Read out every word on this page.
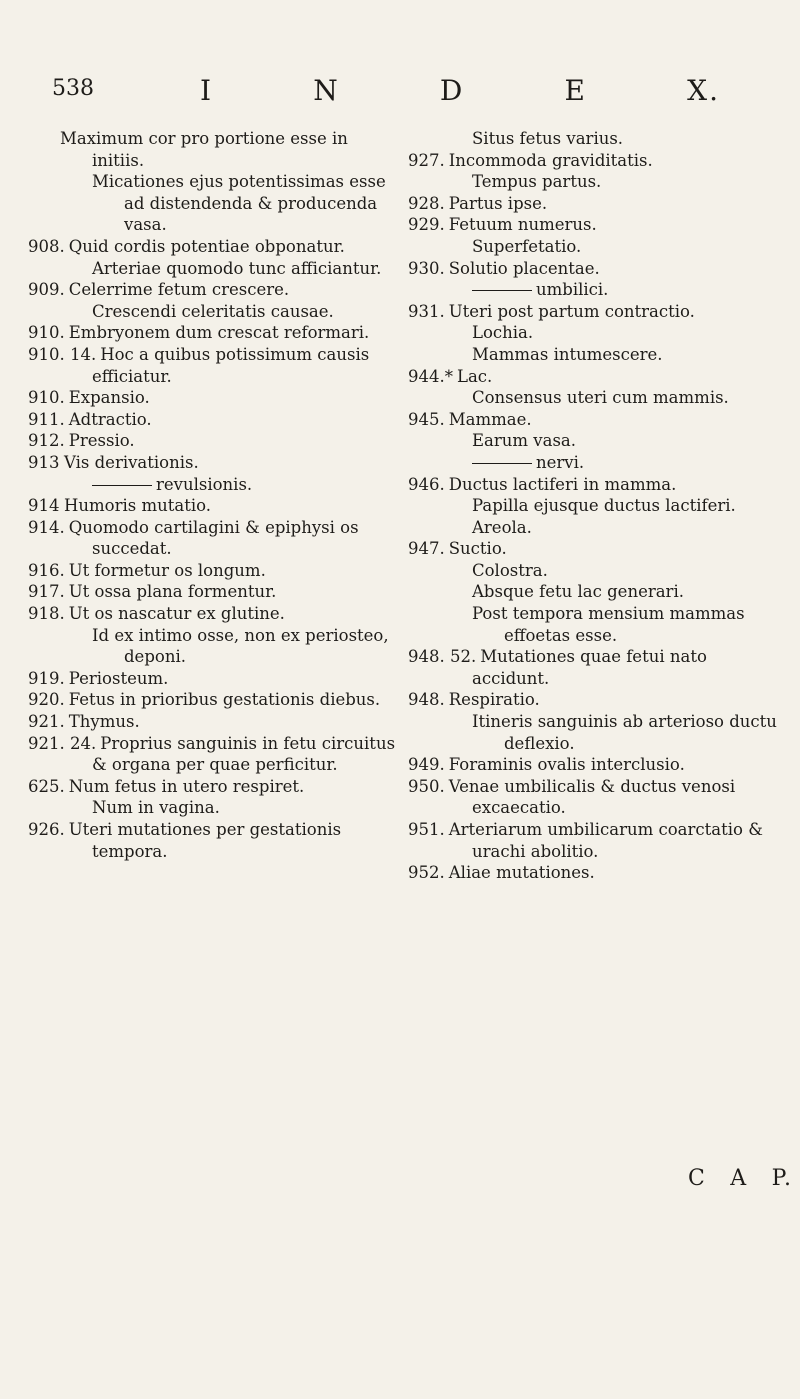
538	I	N	D	E	X.
Maximum cor pro portione esse in initiis.
Micationes ejus potentissimas esse ad distendenda & producenda vasa.
908. Quid cordis potentiae obponatur.
Arteriae quomodo tunc afficiantur.
909. Celerrime fetum crescere.
Crescendi celeritatis causae.
910. Embryonem dum crescat reformari.
910. 14. Hoc a quibus potissimum causis efficiatur.
910. Expansio.
911. Adtractio.
912. Pressio.
913 Vis derivationis.
revulsionis.
914 Humoris mutatio.
914. Quomodo cartilagini & epiphysi os succedat.
916. Ut formetur os longum.
917. Ut ossa plana formentur.
918. Ut os nascatur ex glutine.
Id ex intimo osse, non ex periosteo, deponi.
919. Periosteum.
920. Fetus in prioribus gestationis diebus.
921. Thymus.
921. 24. Proprius sanguinis in fetu circuitus & organa per quae perficitur.
625. Num fetus in utero respiret.
Num in vagina.
926. Uteri mutationes per gestationis tempora.
Situs fetus varius.
927. Incommoda graviditatis.
Tempus partus.
928. Partus ipse.
929. Fetuum numerus.
Superfetatio.
930. Solutio placentae.
umbilici.
931. Uteri post partum contractio.
Lochia.
Mammas intumescere.
944.* Lac.
Consensus uteri cum mammis.
945. Mammae.
Earum vasa.
nervi.
946. Ductus lactiferi in mamma.
Papilla ejusque ductus lactiferi.
Areola.
947. Suctio.
Colostra.
Absque fetu lac generari.
Post tempora mensium mammas effoetas esse.
948. 52. Mutationes quae fetui nato accidunt.
948. Respiratio.
Itineris sanguinis ab arterioso ductu deflexio.
949. Foraminis ovalis interclusio.
950. Venae umbilicalis & ductus venosi excaecatio.
951. Arteriarum umbilicarum coarctatio & urachi abolitio.
952. Aliae mutationes.
C A P.
